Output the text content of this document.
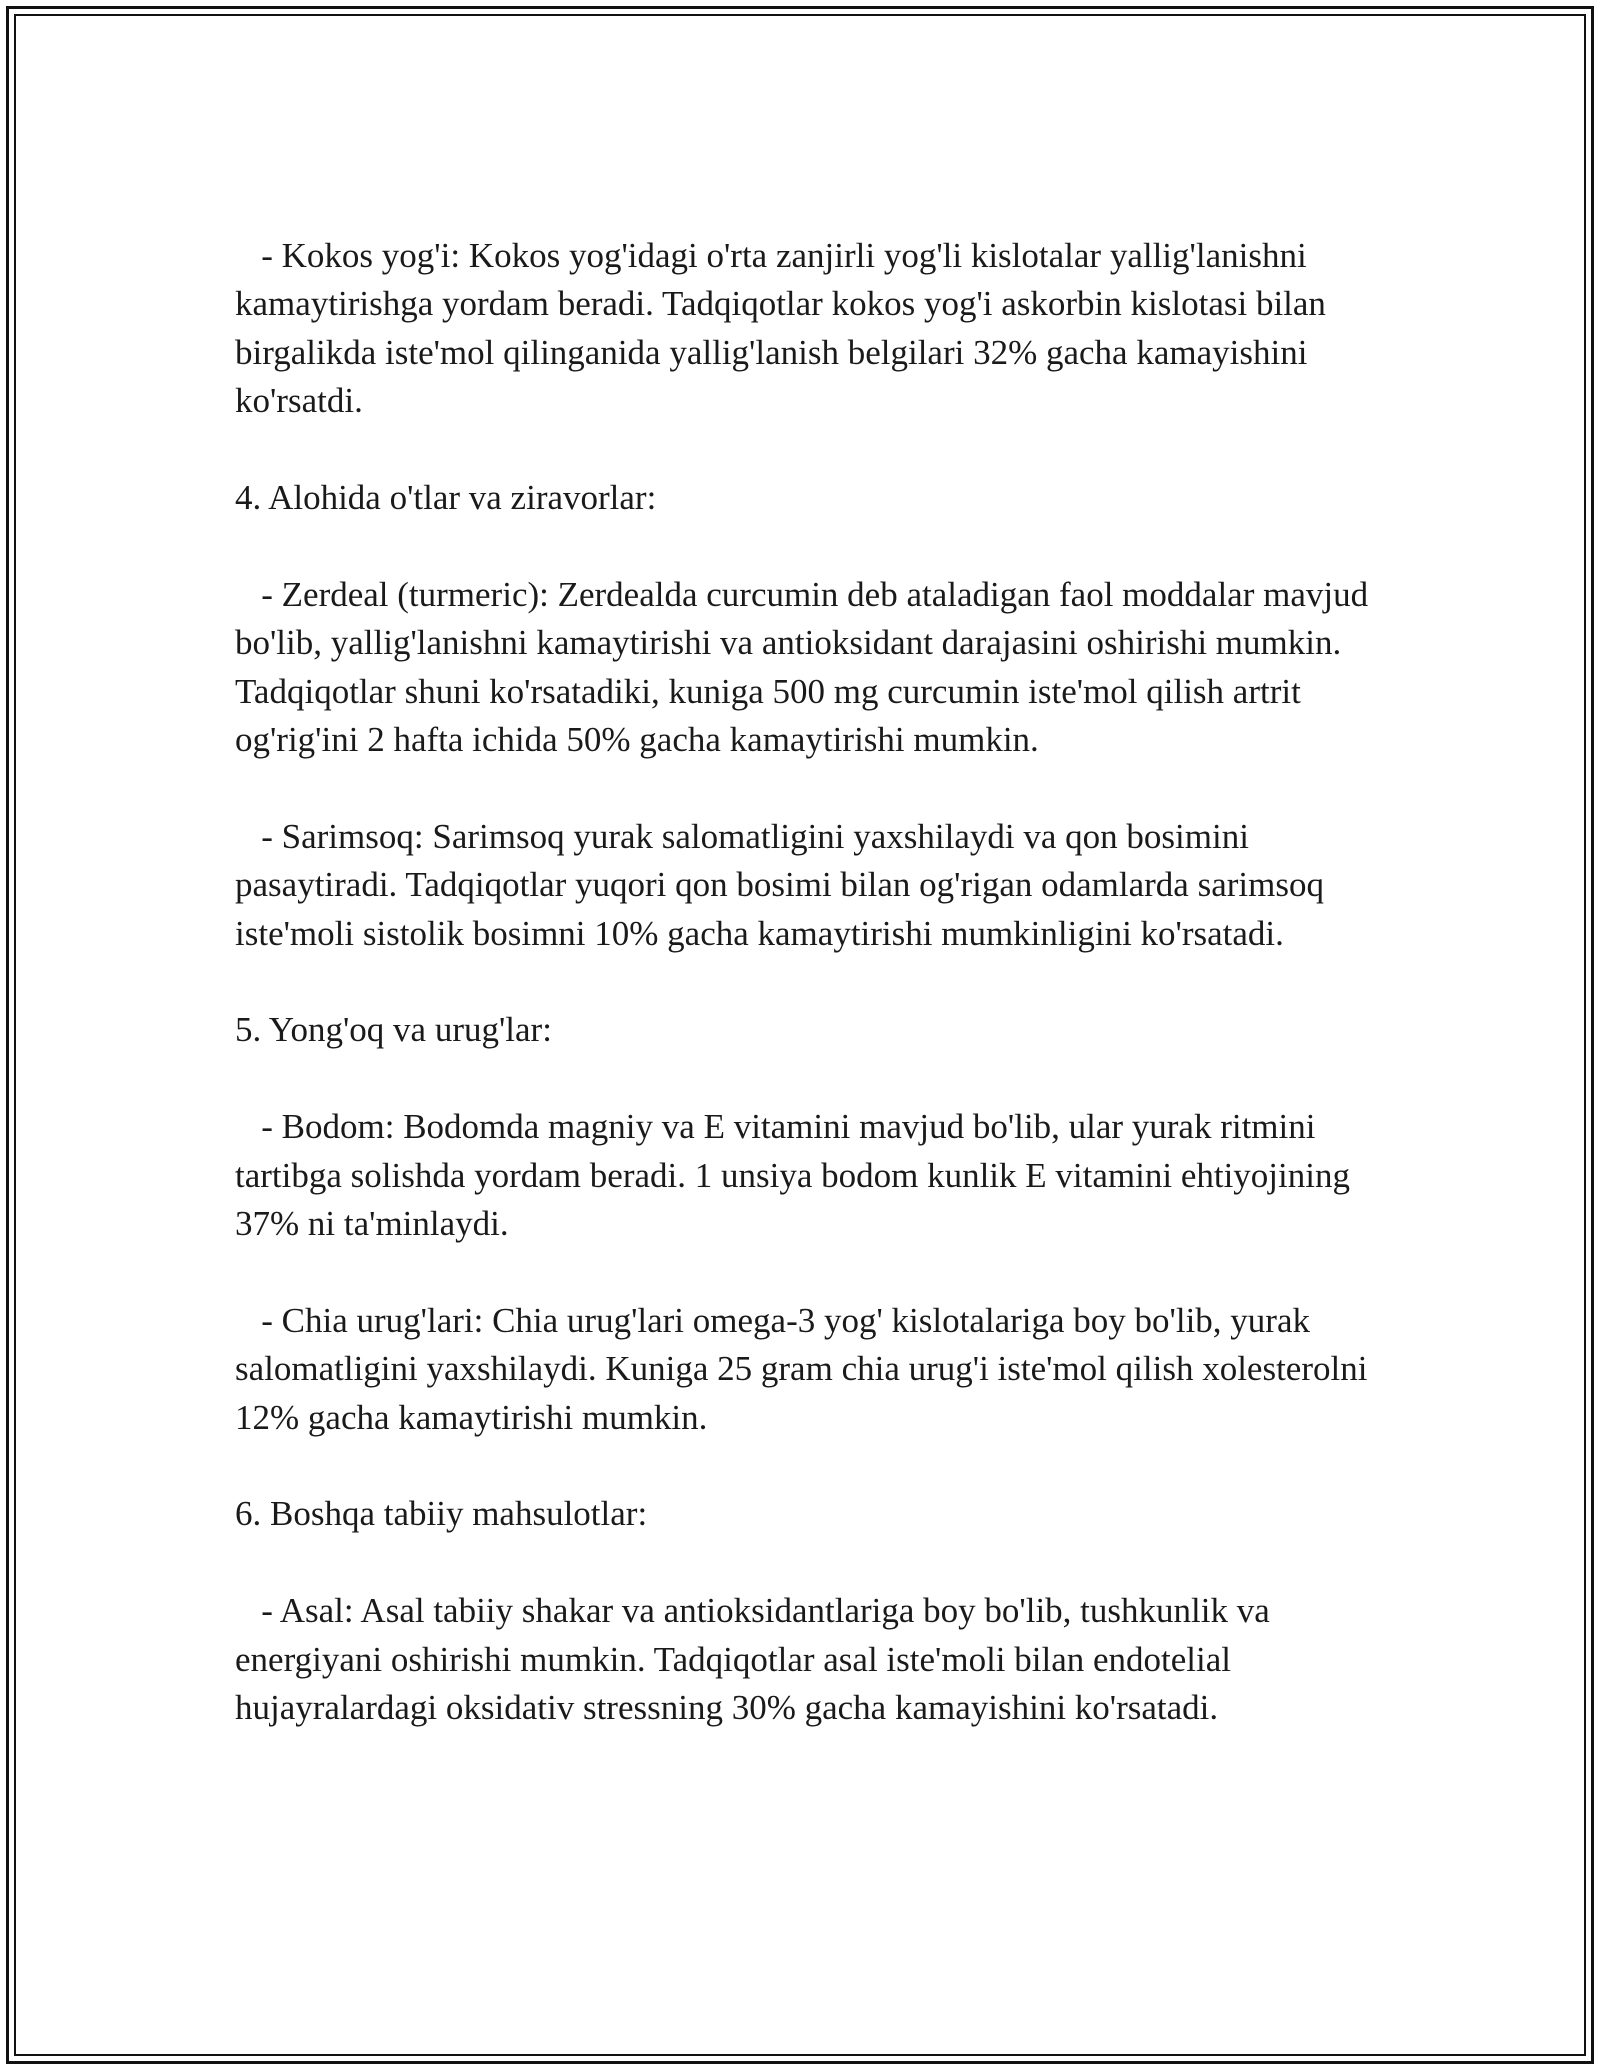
- Kokos yog'i: Kokos yog'idagi o'rta zanjirli yog'li kislotalar yallig'lanishni kamaytirishga yordam beradi. Tadqiqotlar kokos yog'i askorbin kislotasi bilan birgalikda iste'mol qilinganida yallig'lanish belgilari 32% gacha kamayishini ko'rsatdi.

4. Alohida o'tlar va ziravorlar:

- Zerdeal (turmeric): Zerdealda curcumin deb ataladigan faol moddalar mavjud bo'lib, yallig'lanishni kamaytirishi va antioksidant darajasini oshirishi mumkin. Tadqiqotlar shuni ko'rsatadiki, kuniga 500 mg curcumin iste'mol qilish artrit og'rig'ini 2 hafta ichida 50% gacha kamaytirishi mumkin.

- Sarimsoq: Sarimsoq yurak salomatligini yaxshilaydi va qon bosimini pasaytiradi. Tadqiqotlar yuqori qon bosimi bilan og'rigan odamlarda sarimsoq iste'moli sistolik bosimni 10% gacha kamaytirishi mumkinligini ko'rsatadi.

5. Yong'oq va urug'lar:

- Bodom: Bodomda magniy va E vitamini mavjud bo'lib, ular yurak ritmini tartibga solishda yordam beradi. 1 unsiya bodom kunlik E vitamini ehtiyojining 37% ni ta'minlaydi.

- Chia urug'lari: Chia urug'lari omega-3 yog' kislotalariga boy bo'lib, yurak salomatligini yaxshilaydi. Kuniga 25 gram chia urug'i iste'mol qilish xolesterolni 12% gacha kamaytirishi mumkin.

6. Boshqa tabiiy mahsulotlar:

- Asal: Asal tabiiy shakar va antioksidantlariga boy bo'lib, tushkunlik va energiyani oshirishi mumkin. Tadqiqotlar asal iste'moli bilan endotelial hujayralardagi oksidativ stressning 30% gacha kamayishini ko'rsatadi.
